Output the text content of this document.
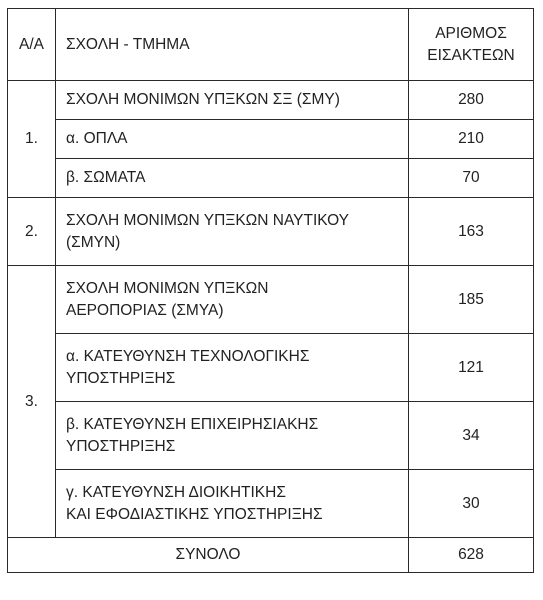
Α/Α	ΣΧΟΛΗ - ΤΜΗΜΑ	ΑΡΙΘΜΟΣ
ΕΙΣΑΚΤΕΩΝ

1.	ΣΧΟΛΗ ΜΟΝΙΜΩΝ ΥΠΞΚΩΝ ΣΞ (ΣΜΥ)	280
	α. ΟΠΛΑ	210
	β. ΣΩΜΑΤΑ	70
2.	ΣΧΟΛΗ ΜΟΝΙΜΩΝ ΥΠΞΚΩΝ ΝΑΥΤΙΚΟΥ
(ΣΜΥΝ)	163
3.	ΣΧΟΛΗ ΜΟΝΙΜΩΝ ΥΠΞΚΩΝ
ΑΕΡΟΠΟΡΙΑΣ (ΣΜΥΑ)	185

	α. ΚΑΤΕΥΘΥΝΣΗ ΤΕΧΝΟΛΟΓΙΚΗΣ
ΥΠΟΣΤΗΡΙΞΗΣ	121

	β. ΚΑΤΕΥΘΥΝΣΗ ΕΠΙΧΕΙΡΗΣΙΑΚΗΣ
ΥΠΟΣΤΗΡΙΞΗΣ	34

	γ. ΚΑΤΕΥΘΥΝΣΗ ΔΙΟΙΚΗΤΙΚΗΣ
ΚΑΙ ΕΦΟΔΙΑΣΤΙΚΗΣ ΥΠΟΣΤΗΡΙΞΗΣ	30
ΣΥΝΟΛΟ		628
